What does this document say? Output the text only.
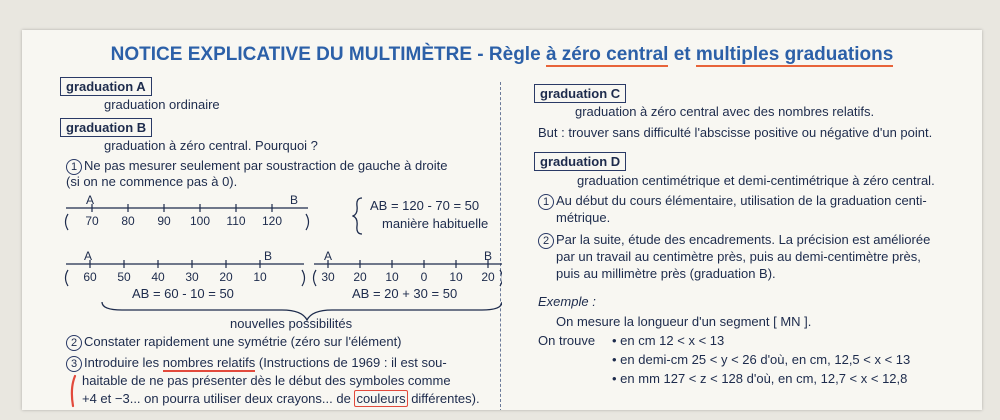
NOTICE EXPLICATIVE DU MULTIMÈTRE - Règle à zéro central et multiples graduations
graduation A
graduation ordinaire
graduation B
graduation à zéro central. Pourquoi ?
1 Ne pas mesurer seulement par soustraction de gauche à droite
(si on ne commence pas à 0).
A	B
70 80 90 100 110 120
AB = 120 - 70 = 50
manière habituelle
A	B
60 50 40 30 20 10
A	B
30 20 10 0 10 20
AB = 60 - 10 = 50	AB = 20 + 30 = 50
nouvelles possibilités
2 Constater rapidement une symétrie (zéro sur l'élément)
3 Introduire les nombres relatifs (Instructions de 1969 : il est sou-
haitable de ne pas présenter dès le début des symboles comme
+4 et −3... on pourra utiliser deux crayons... de couleurs différentes).
graduation C
graduation à zéro central avec des nombres relatifs.
But : trouver sans difficulté l'abscisse positive ou négative d'un point.
graduation D
graduation centimétrique et demi-centimétrique à zéro central.
1 Au début du cours élémentaire, utilisation de la graduation centi-
métrique.
2 Par la suite, étude des encadrements. La précision est améliorée
par un travail au centimètre près, puis au demi-centimètre près,
puis au millimètre près (graduation B).
Exemple :
On mesure la longueur d'un segment [ MN ].
On trouve • en cm 12 < x < 13
• en demi-cm 25 < y < 26 d'où, en cm, 12,5 < x < 13
• en mm 127 < z < 128 d'où, en cm, 12,7 < x < 12,8
